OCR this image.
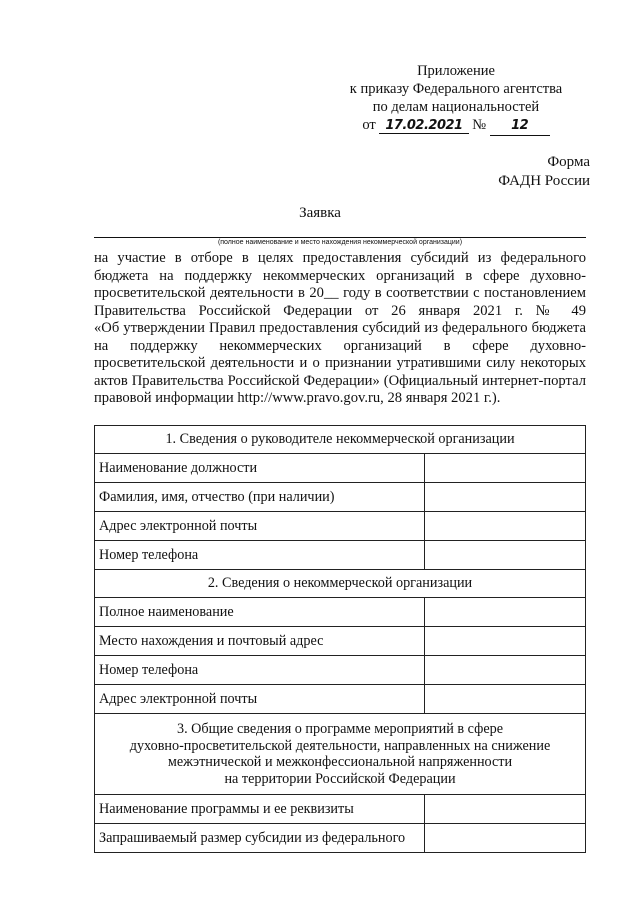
Приложение
к приказу Федерального агентства
по делам национальностей
от 17.02.2021 № 12
Форма
ФАДН России
Заявка
(полное наименование и место нахождения некоммерческой организации)
на участие в отборе в целях предоставления субсидий из федерального
бюджета на поддержку некоммерческих организаций в сфере духовно-
просветительской деятельности в 20__ году в соответствии с постановлением
Правительства Российской Федерации от 26 января 2021 г. № 49
«Об утверждении Правил предоставления субсидий из федерального бюджета
на поддержку некоммерческих организаций в сфере духовно-
просветительской деятельности и о признании утратившими силу некоторых
актов Правительства Российской Федерации» (Официальный интернет-портал
правовой информации http://www.pravo.gov.ru, 28 января 2021 г.).
1. Сведения о руководителе некоммерческой организации	
Наименование должности	
Фамилия, имя, отчество (при наличии)	
Адрес электронной почты	
Номер телефона	
2. Сведения о некоммерческой организации	
Полное наименование	
Место нахождения и почтовый адрес	
Номер телефона	
Адрес электронной почты	

3. Общие сведения о программе мероприятий в сфере
духовно-просветительской деятельности, направленных на снижение
межэтнической и межконфессиональной напряженности
на территории Российской Федерации	

Наименование программы и ее реквизиты	
Запрашиваемый размер субсидии из федерального	
